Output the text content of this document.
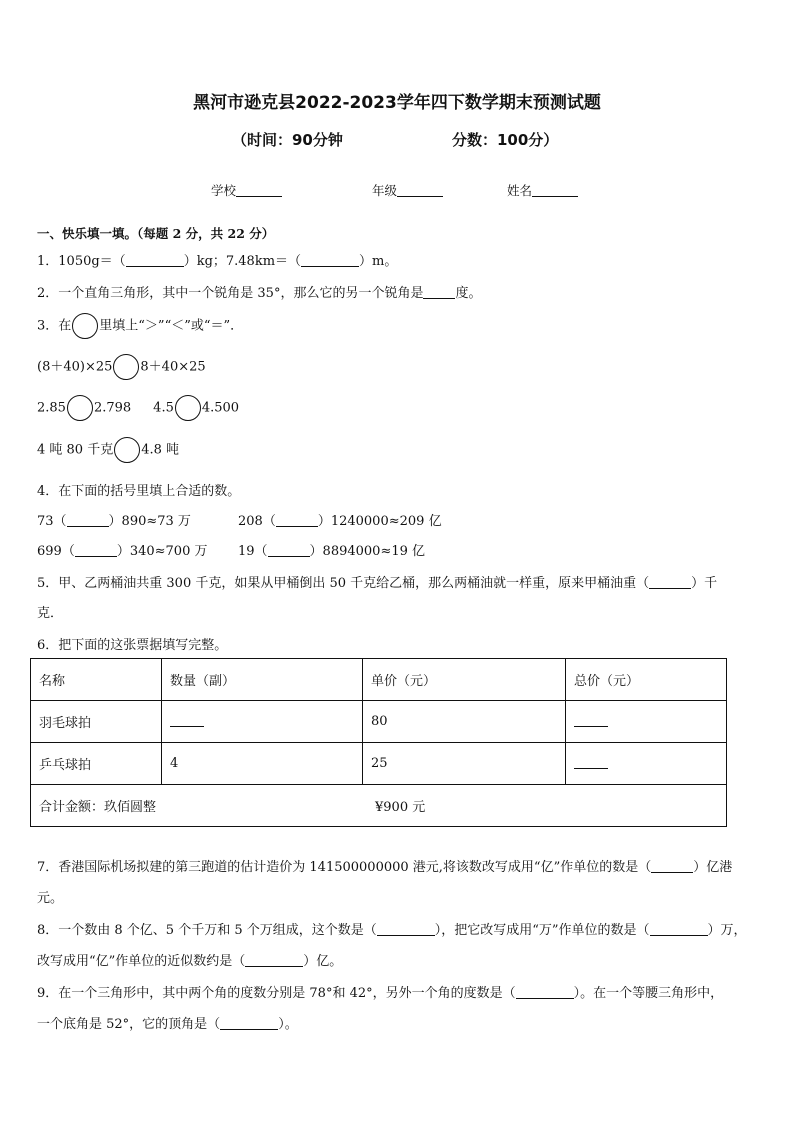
黑河市逊克县2022-2023学年四下数学期末预测试题
（时间：90分钟	分数：100分）
学校	年级	姓名
一、快乐填一填。（每题 2 分，共 22 分）
1．1050g＝（	）kg；7.48km＝（	）m。
2．一个直角三角形，其中一个锐角是 35°，那么它的另一个锐角是 度。
3．在 里填上“＞”“＜”或“＝”．
(8＋40)×25 8＋40×25
2.85 2.798 4.5 4.500
4 吨 80 千克 4.8 吨
4．在下面的括号里填上合适的数。
73（	）890≈73 万	208（	）1240000≈209 亿
699（	）340≈700 万 19（	）8894000≈19 亿
5．甲、乙两桶油共重 300 千克，如果从甲桶倒出 50 千克给乙桶，那么两桶油就一样重，原来甲桶油重（	）千
克．
6．把下面的这张票据填写完整。
名称	数量（副）	单价（元）	总价（元）
羽毛球拍		80	
乒乓球拍	4	25	
合计金额：玖佰圆整 ¥900 元			
7．香港国际机场拟建的第三跑道的估计造价为 141500000000 港元,将该数改写成用“亿”作单位的数是（	）亿港
元。
8．一个数由 8 个亿、5 个千万和 5 个万组成，这个数是（	），把它改写成用“万”作单位的数是（	）万，
改写成用“亿”作单位的近似数约是（	）亿。
9．在一个三角形中，其中两个角的度数分别是 78°和 42°，另外一个角的度数是（	）。在一个等腰三角形中，
一个底角是 52°，它的顶角是（	）。
